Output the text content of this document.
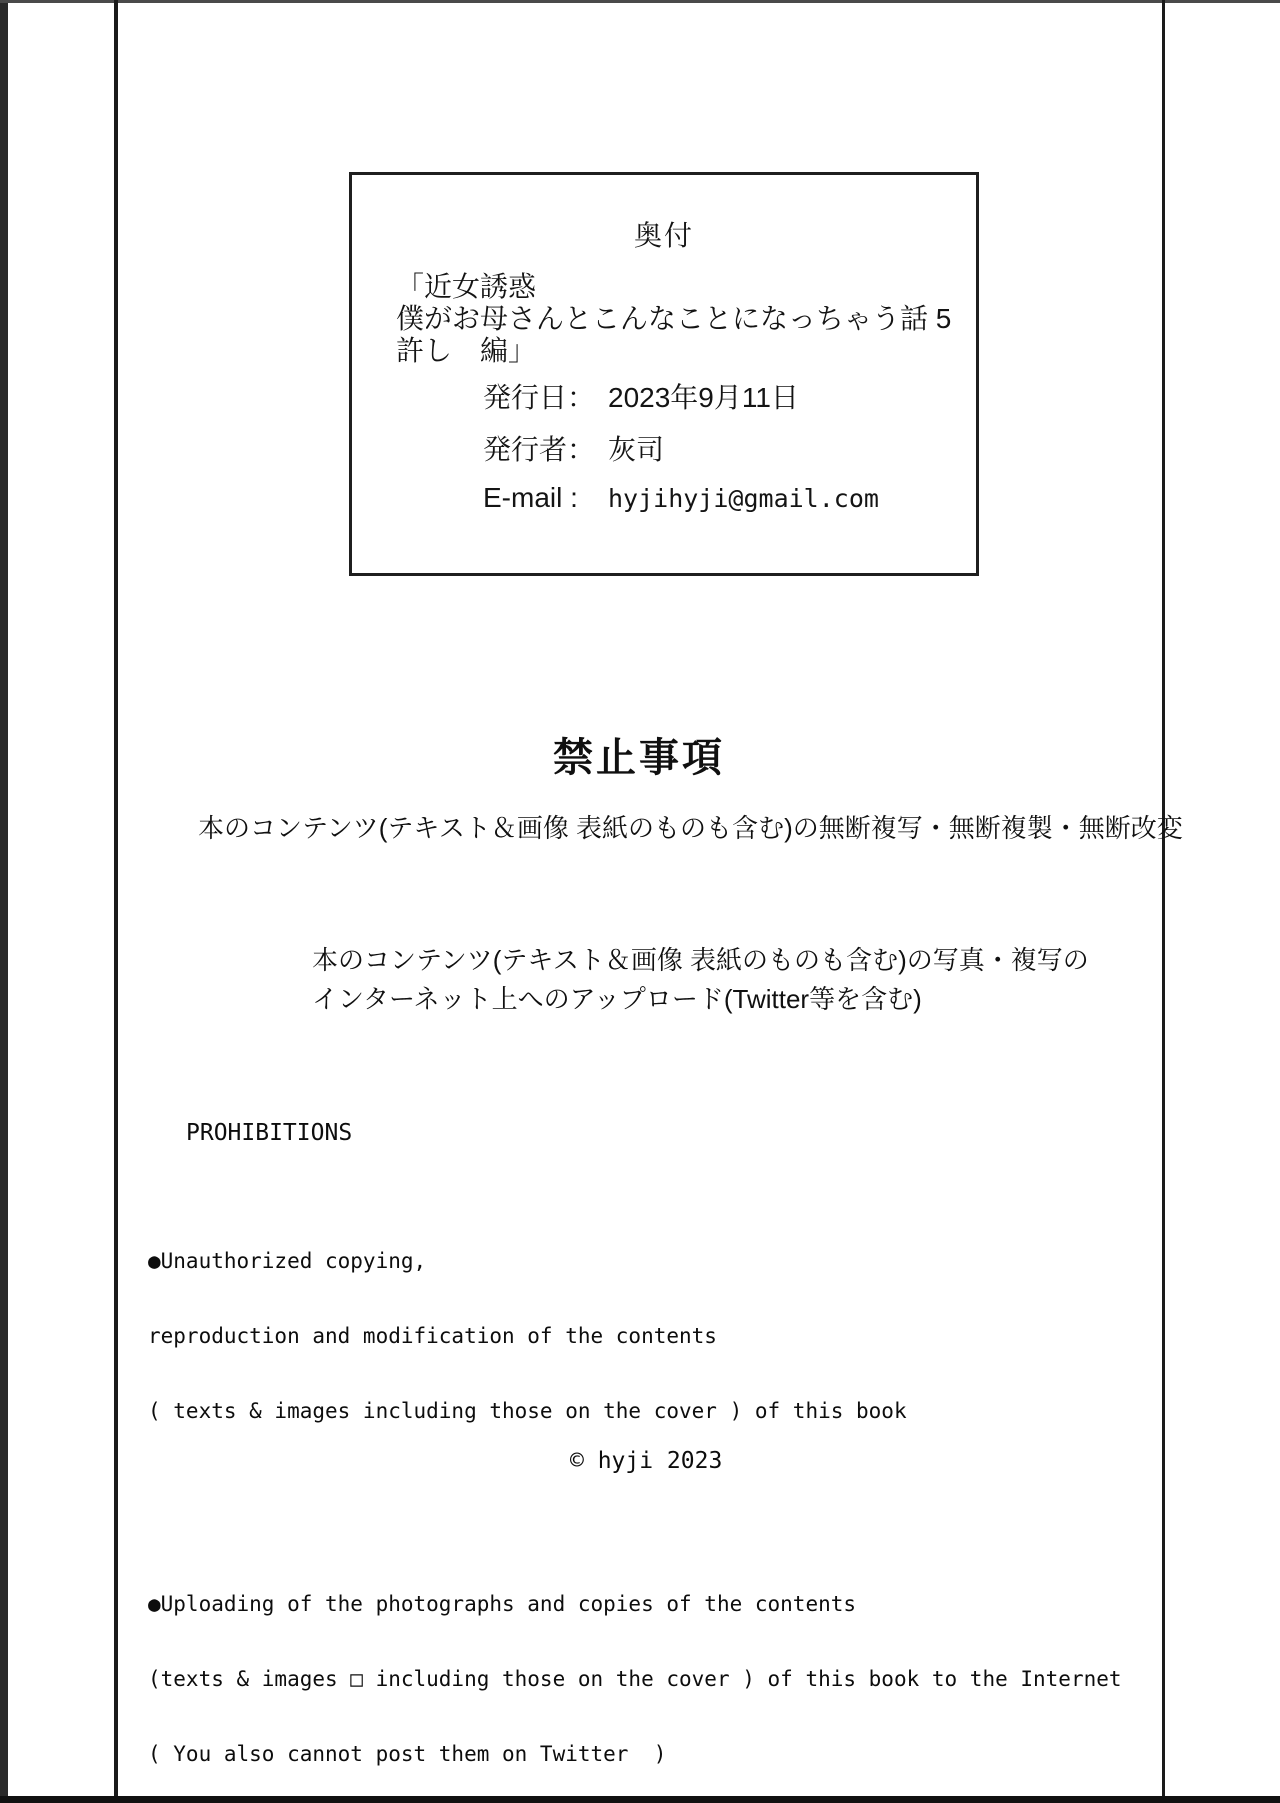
奥付
「近女誘惑
僕がお母さんとこんなことになっちゃう話 5
許し　編」
発行日： 2023年9月11日
発行者： 灰司
E-mail : hyjihyji@gmail.com
禁止事項
本のコンテンツ(テキスト＆画像 表紙のものも含む)の無断複写・無断複製・無断改変
本のコンテンツ(テキスト＆画像 表紙のものも含む)の写真・複写の
インターネット上へのアップロード(Twitter等を含む)

PROHIBITIONS

●Unauthorized copying,

reproduction and modification of the contents

( texts & images including those on the cover ) of this book

●Uploading of the photographs and copies of the contents

(texts & images □ including those on the cover ) of this book to the Internet

( You also cannot post them on Twitter  )

© hyji 2023
